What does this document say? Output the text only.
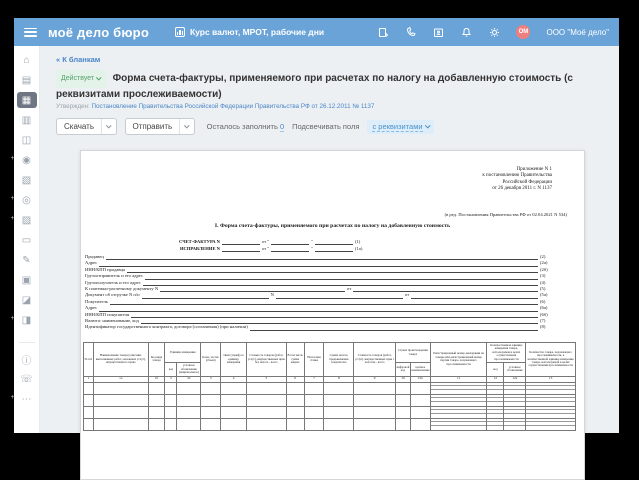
моё дело бюро	Курс валют, МРОТ, рабочие дни	ОМ ООО "Моё дело"
⌂
▤
▦
▥
◫
+ ◉
▧
+ ◎
+ ▨
▭
✎
▣
◪
+ ◨
ⓘ
☏
+ ⋯
« К бланкам
Действует Форма счета-фактуры, применяемого при расчетах по налогу на добавленную стоимость (с реквизитами прослеживаемости)
Утвержден: Постановление Правительства Российской Федерации Правительства РФ от 26.12.2011 № 1137
Скачать	Отправить	Осталось заполнить 0 Подсвечивать поля с реквизитами
Приложение N 1
к постановлению Правительства
Российской Федерации
от 26 декабря 2011 г. N 1137
(в ред. Постановления Правительства РФ от 02.04.2021 N 534)
I. Форма счета-фактуры, применяемого при расчетах по налогу на добавленную стоимость
СЧЕТ-ФАКТУРА N	от "	"	(1)
ИСПРАВЛЕНИЕ N	от "	"	(1а)
Продавец	(2)
Адрес	(2а)
ИНН/КПП продавца	(2б)
Грузоотправитель и его адрес	(3)
Грузополучатель и его адрес	(4)
К платежно-расчетному документу N	от	(5)
Документ об отгрузке N п/п	N	от	(5а)
Покупатель	(6)
Адрес	(6а)
ИНН/КПП покупателя	(6б)
Валюта: наименование, код	(7)
Идентификатор государственного контракта, договора (соглашения) (при наличии)	(8)
№ п/п	Наименование товара (описание выполненных работ, оказанных услуг), имущественного права	Код вида товара	Единица измерения		Коли- чество (объем)	Цена (тариф) за единицу измерения	Стоимость товаров (работ, услуг), имущественных прав без налога - всего	В том числе сумма акциза	Налоговая ставка	Сумма налога, предъявляемая покупателю	Стоимость товаров (работ, услуг), имущественных прав с налогом - всего	Страна происхождения товара		Регистрационный номер декларации на товары или регистрационный номер партии товара, подлежащего прослеживаемости	Количественная единица измерения товара, используемая в целях осуществления прослеживаемости		Количество товара, подлежащего прослеживаемости, в количественной единице измерения товара, используемой в целях осуществления прослеживаемости
			код	условное обозначение (национальное)								цифровой код	краткое наименование		код	условное обозначение	
1	1а	1б	2	2а	3	4	5	6	7	8	9	10	10а	11	12	12а	13
